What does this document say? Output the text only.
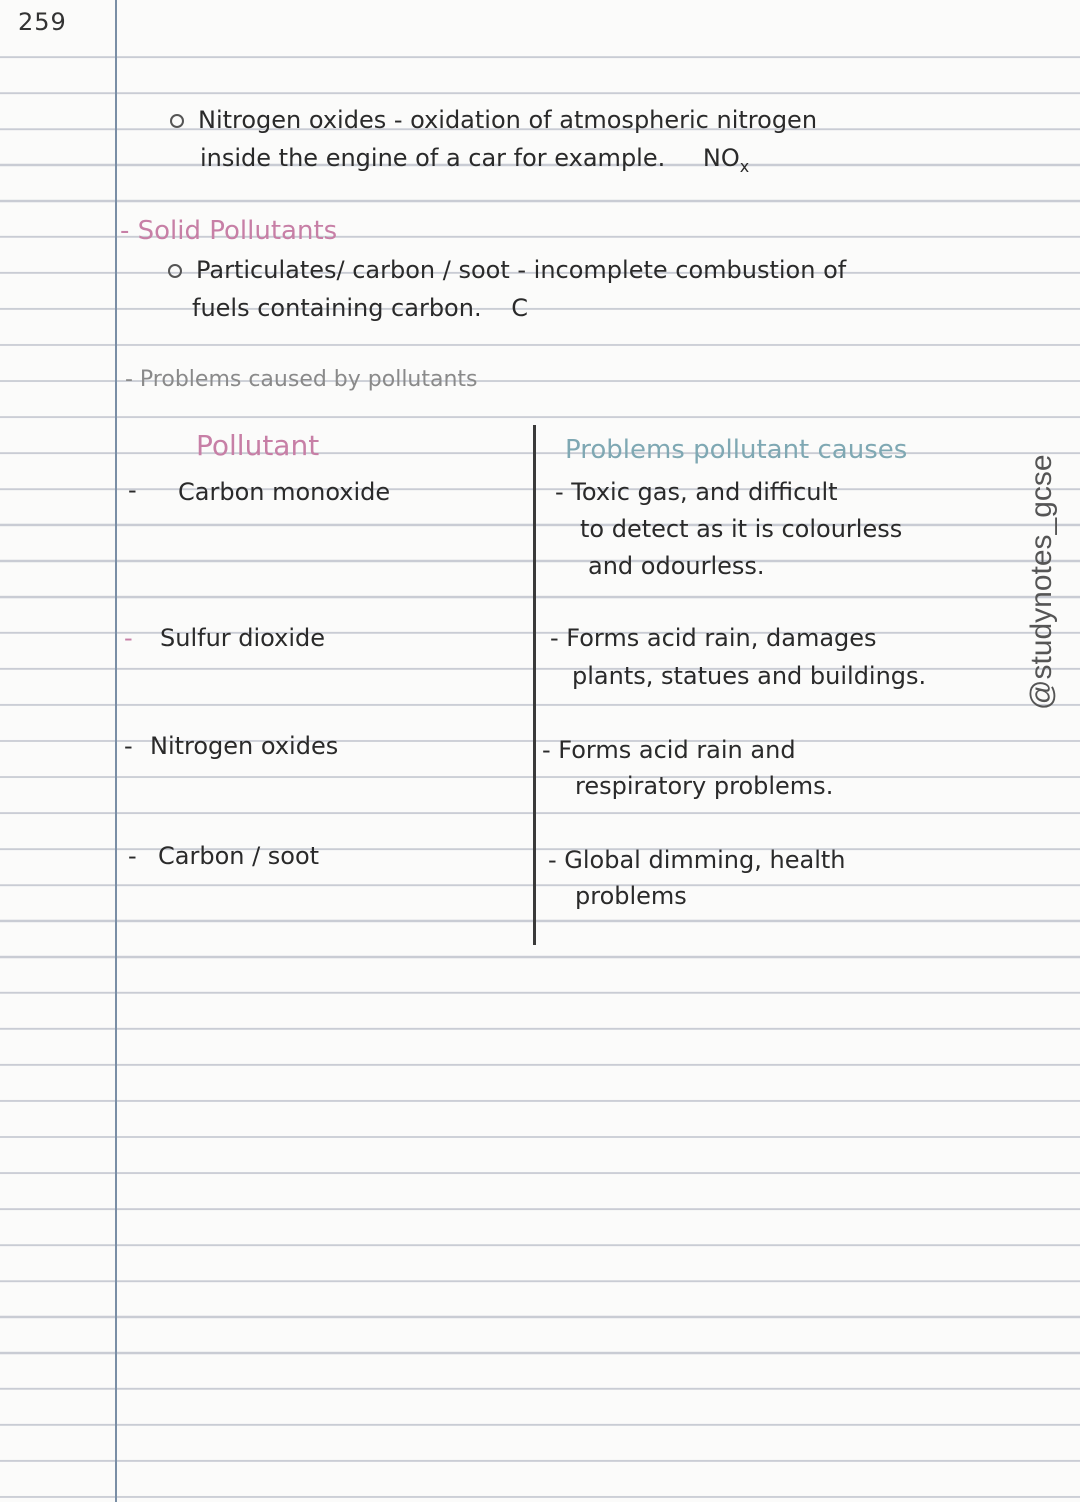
259
Nitrogen oxides - oxidation of atmospheric nitrogen
inside the engine of a car for example. $NO_x$
- Solid Pollutants
Particulates/ carbon / soot - incomplete combustion of
fuels containing carbon. C
- Problems caused by pollutants
Pollutant	Problems pollutant causes
- Carbon monoxide	- Toxic gas, and difficult
to detect as it is colourless
and odourless.
- Sulfur dioxide	- Forms acid rain, damages
plants, statues and buildings.
- Nitrogen oxides	- Forms acid rain and
respiratory problems.
- Carbon / soot	- Global dimming, health
problems
@studynotes_gcse
